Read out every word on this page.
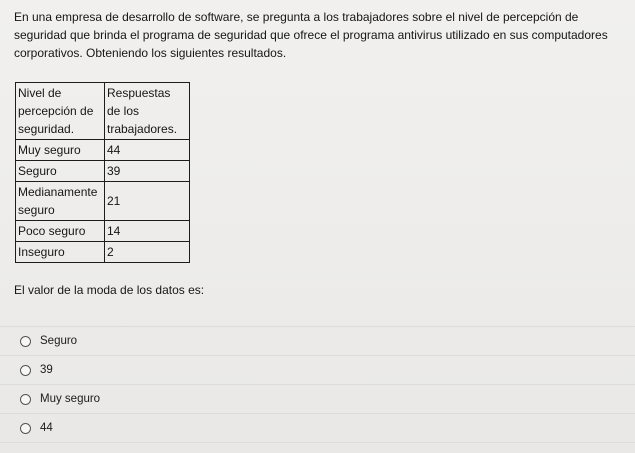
En una empresa de desarrollo de software, se pregunta a los trabajadores sobre el nivel de percepción de seguridad que brinda el programa de seguridad que ofrece el programa antivirus utilizado en sus computadores corporativos. Obteniendo los siguientes resultados.

Nivel de percepción de seguridad.	Respuestas de los trabajadores.
Muy seguro	44
Seguro	39
Medianamente seguro	21
Poco seguro	14
Inseguro	2

El valor de la moda de los datos es:

Seguro
39
Muy seguro
44
